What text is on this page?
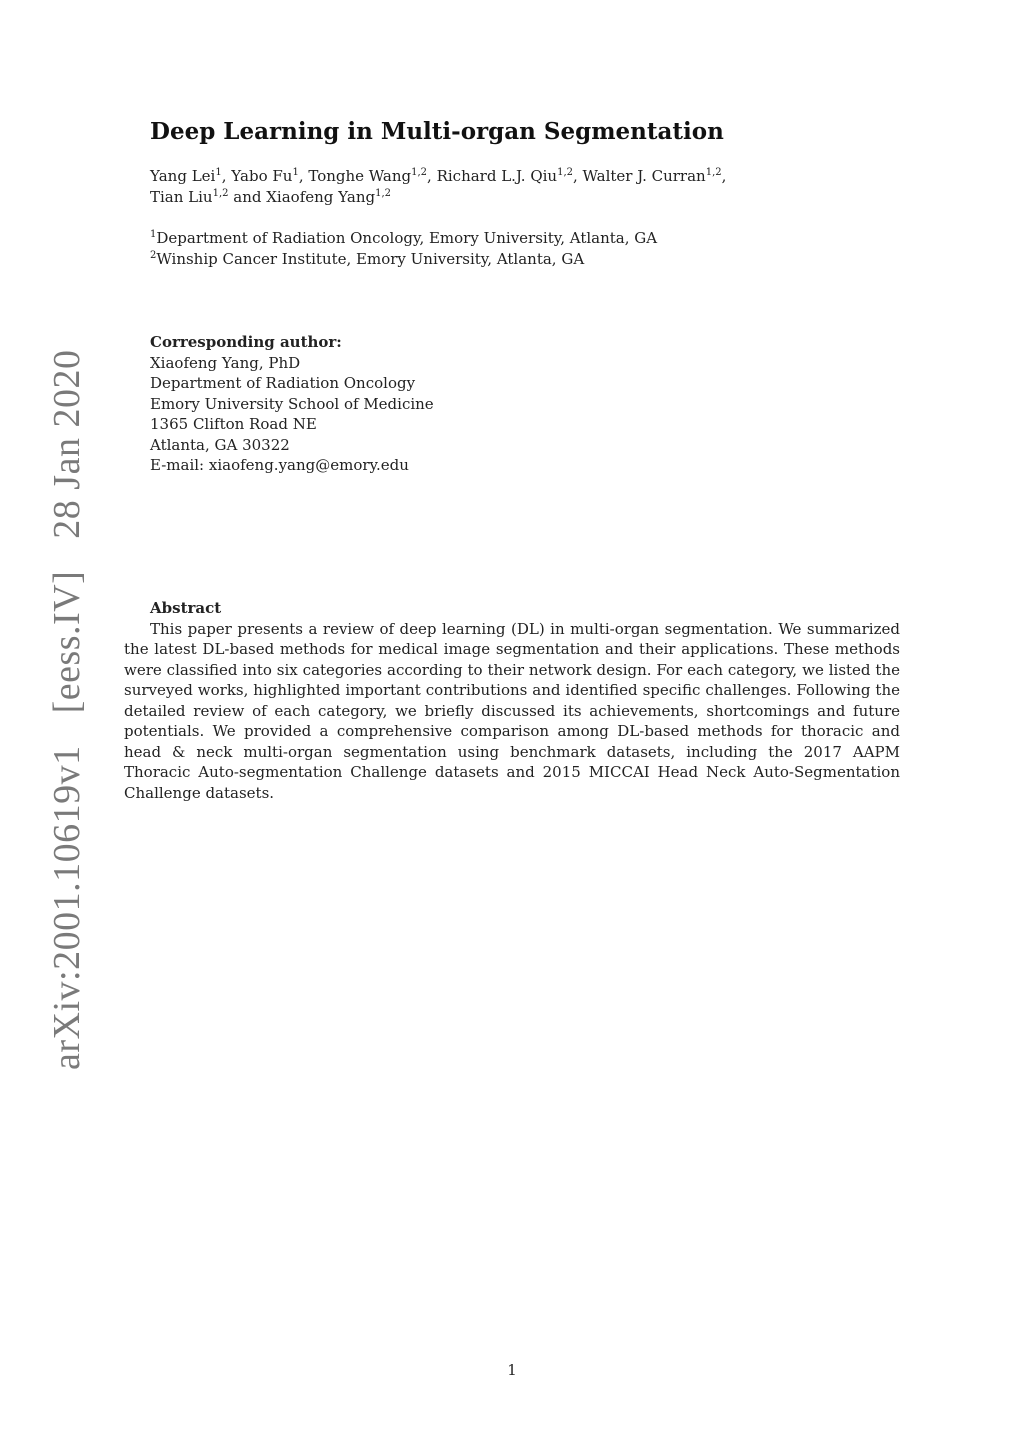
arXiv:2001.10619v1 [eess.IV] 28 Jan 2020
Deep Learning in Multi-organ Segmentation
Yang Lei$^1$, Yabo Fu$^1$, Tonghe Wang$^{1,2}$, Richard L.J. Qiu$^{1,2}$, Walter J. Curran$^{1,2}$,
Tian Liu$^{1,2}$ and Xiaofeng Yang$^{1,2}$
$^1$Department of Radiation Oncology, Emory University, Atlanta, GA
$^2$Winship Cancer Institute, Emory University, Atlanta, GA
Corresponding author:
Xiaofeng Yang, PhD
Department of Radiation Oncology
Emory University School of Medicine
1365 Clifton Road NE
Atlanta, GA 30322
E-mail: xiaofeng.yang@emory.edu
Abstract

This paper presents a review of deep learning (DL) in multi-organ segmentation. We summarized the latest DL-based methods for medical image segmentation and their applications. These methods were classified into six categories according to their network design. For each category, we listed the surveyed works, highlighted important contributions and identified specific challenges. Following the detailed review of each category, we briefly discussed its achievements, shortcomings and future potentials. We provided a comprehensive comparison among DL-based methods for thoracic and head & neck multi-organ segmentation using benchmark datasets, including the 2017 AAPM Thoracic Auto-segmentation Challenge datasets and 2015 MICCAI Head Neck Auto-Segmentation Challenge datasets.

1
